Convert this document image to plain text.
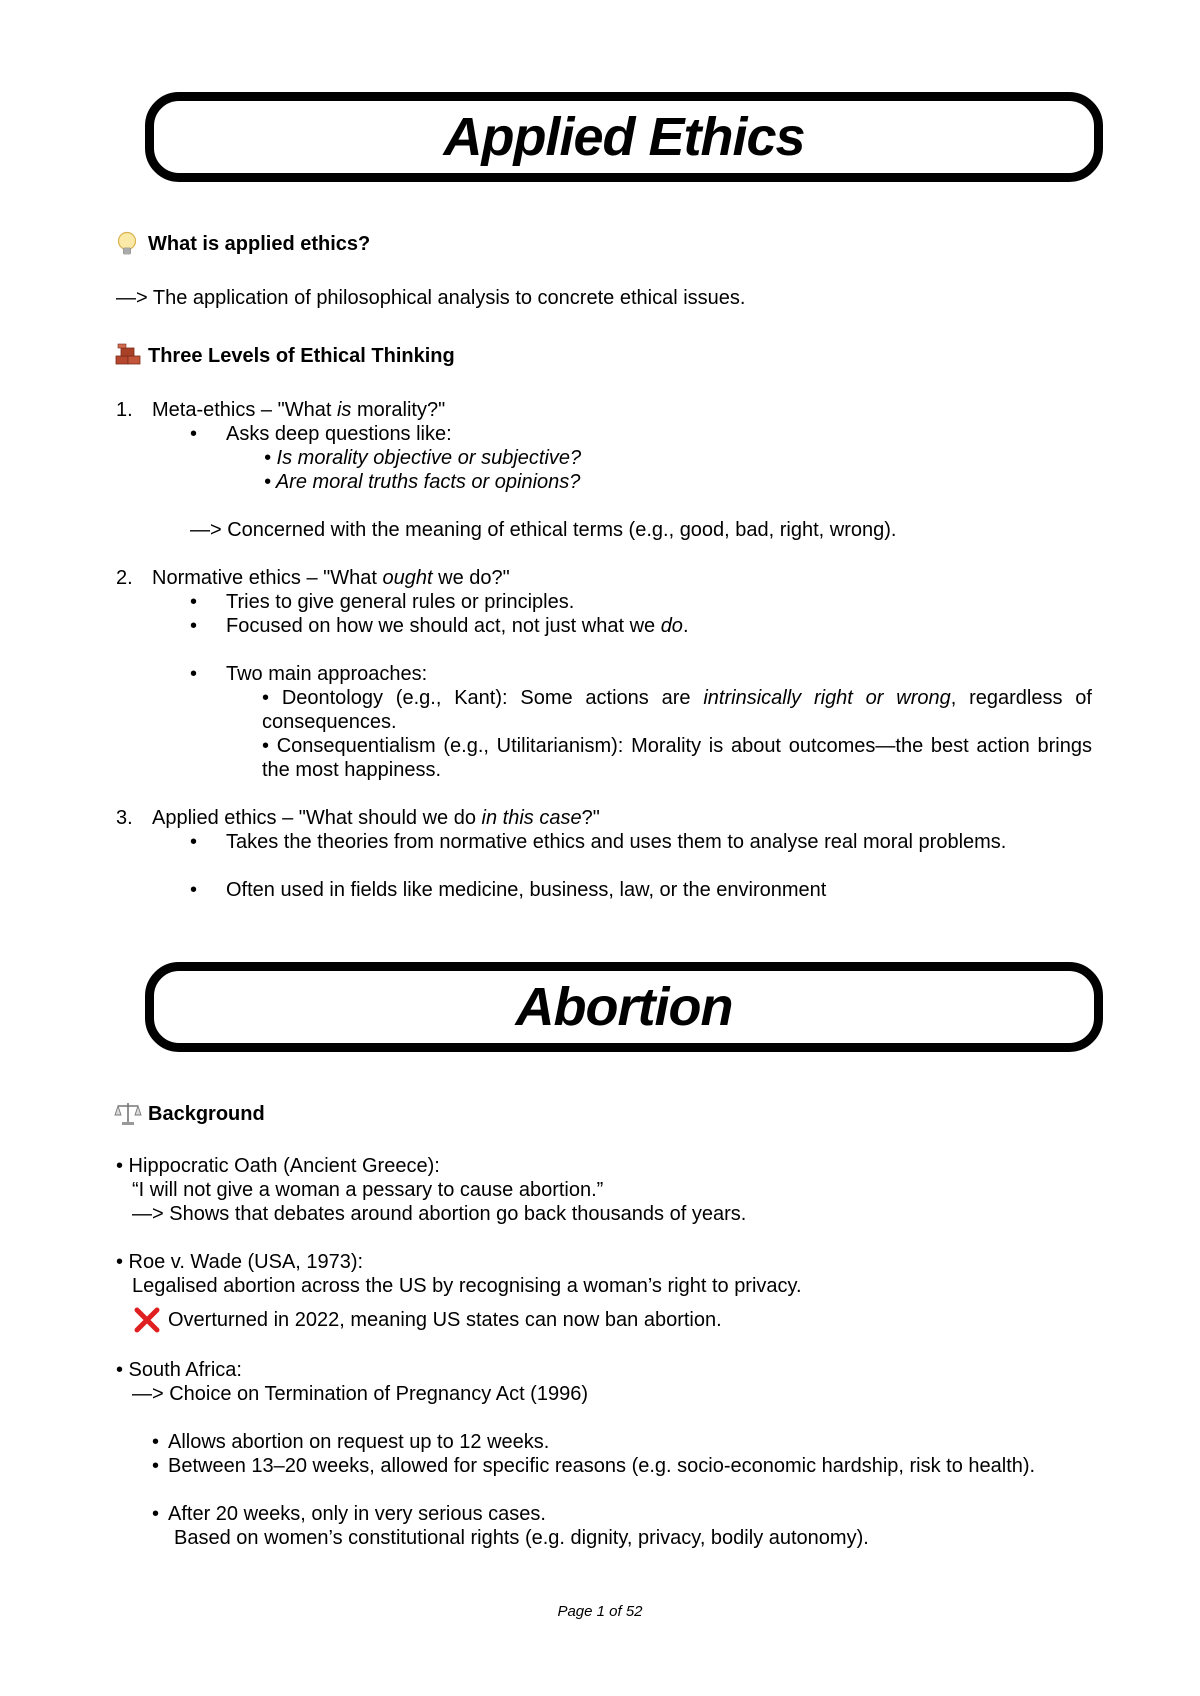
Applied Ethics
What is applied ethics?
—> The application of philosophical analysis to concrete ethical issues.
Three Levels of Ethical Thinking
1. Meta-ethics – "What is morality?"
• Asks deep questions like:
• Is morality objective or subjective?
• Are moral truths facts or opinions?
—> Concerned with the meaning of ethical terms (e.g., good, bad, right, wrong).
2. Normative ethics – "What ought we do?"
• Tries to give general rules or principles.
• Focused on how we should act, not just what we do.
• Two main approaches:
• Deontology (e.g., Kant): Some actions are intrinsically right or wrong, regardless of consequences.
• Consequentialism (e.g., Utilitarianism): Morality is about outcomes—the best action brings the most happiness.
3. Applied ethics – "What should we do in this case?"
• Takes the theories from normative ethics and uses them to analyse real moral problems.
• Often used in fields like medicine, business, law, or the environment
Abortion
Background
• Hippocratic Oath (Ancient Greece):
“I will not give a woman a pessary to cause abortion.”
—> Shows that debates around abortion go back thousands of years.
• Roe v. Wade (USA, 1973):
Legalised abortion across the US by recognising a woman’s right to privacy.
Overturned in 2022, meaning US states can now ban abortion.
• South Africa:
—> Choice on Termination of Pregnancy Act (1996)
• Allows abortion on request up to 12 weeks.
• Between 13–20 weeks, allowed for specific reasons (e.g. socio-economic hardship, risk to health).
• After 20 weeks, only in very serious cases.
Based on women’s constitutional rights (e.g. dignity, privacy, bodily autonomy).
Page 1 of 52
